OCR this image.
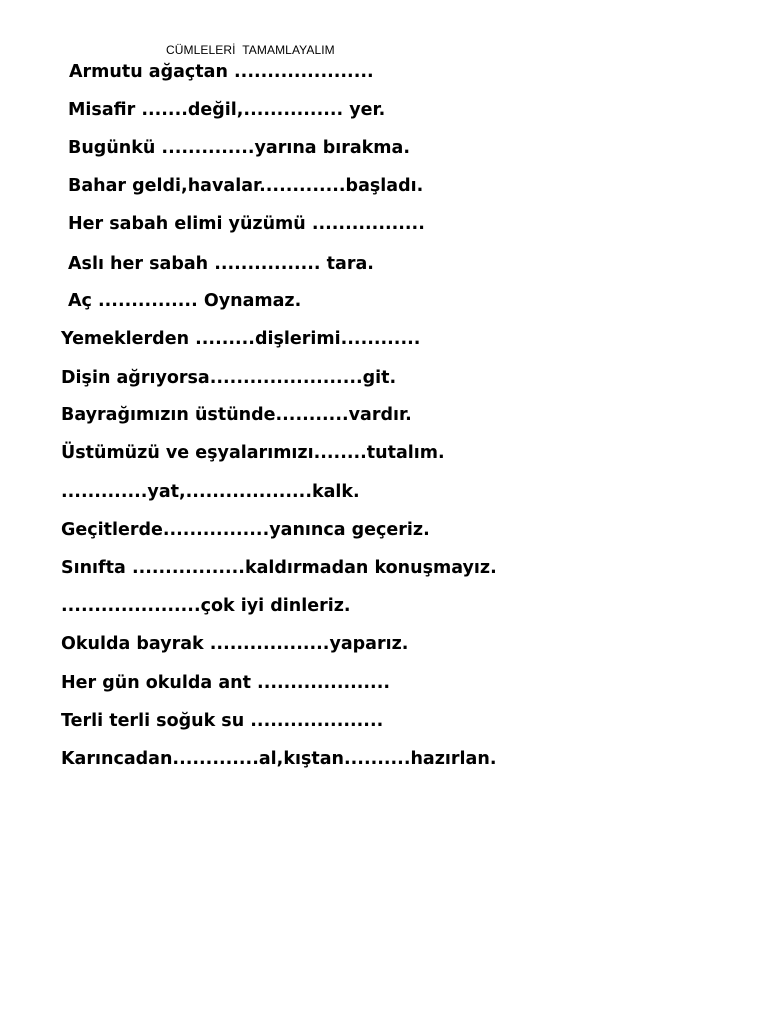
CÜMLELERİ  TAMAMLAYALIM
Armutu ağaçtan .....................
Misafir .......değil,............... yer.
Bugünkü ..............yarına bırakma.
Bahar geldi,havalar.............başladı.
Her sabah elimi yüzümü .................
Aslı her sabah ................ tara.
Aç ............... Oynamaz.
Yemeklerden .........dişlerimi............
Dişin ağrıyorsa.......................git.
Bayrağımızın üstünde...........vardır.
Üstümüzü ve eşyalarımızı........tutalım.
.............yat,...................kalk.
Geçitlerde................yanınca geçeriz.
Sınıfta .................kaldırmadan konuşmayız.
.....................çok iyi dinleriz.
Okulda bayrak ..................yaparız.
Her gün okulda ant ....................
Terli terli soğuk su ....................
Karıncadan.............al,kıştan..........hazırlan.
